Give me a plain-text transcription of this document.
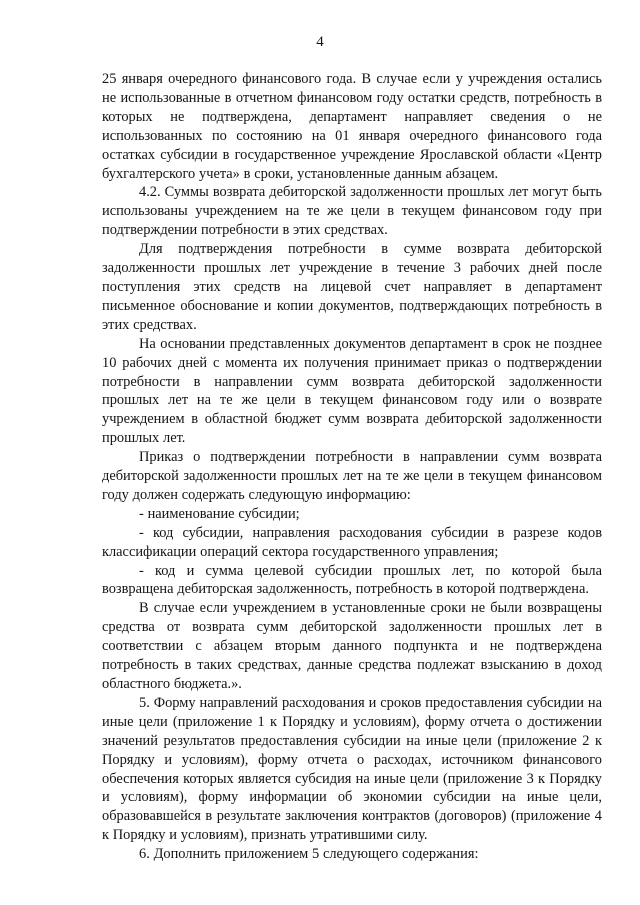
4

25 января очередного финансового года. В случае если у учреждения остались не использованные в отчетном финансовом году остатки средств, потребность в которых не подтверждена, департамент направляет сведения о не использованных по состоянию на 01 января очередного финансового года остатках субсидии в государственное учреждение Ярославской области «Центр бухгалтерского учета» в сроки, установленные данным абзацем.

4.2. Суммы возврата дебиторской задолженности прошлых лет могут быть использованы учреждением на те же цели в текущем финансовом году при подтверждении потребности в этих средствах.

Для подтверждения потребности в сумме возврата дебиторской задолженности прошлых лет учреждение в течение 3 рабочих дней после поступления этих средств на лицевой счет направляет в департамент письменное обоснование и копии документов, подтверждающих потребность в этих средствах.

На основании представленных документов департамент в срок не позднее 10 рабочих дней с момента их получения принимает приказ о подтверждении потребности в направлении сумм возврата дебиторской задолженности прошлых лет на те же цели в текущем финансовом году или о возврате учреждением в областной бюджет сумм возврата дебиторской задолженности прошлых лет.

Приказ о подтверждении потребности в направлении сумм возврата дебиторской задолженности прошлых лет на те же цели в текущем финансовом году должен содержать следующую информацию:

- наименование субсидии;

- код субсидии, направления расходования субсидии в разрезе кодов классификации операций сектора государственного управления;

- код и сумма целевой субсидии прошлых лет, по которой была возвращена дебиторская задолженность, потребность в которой подтверждена.

В случае если учреждением в установленные сроки не были возвращены средства от возврата сумм дебиторской задолженности прошлых лет в соответствии с абзацем вторым данного подпункта и не подтверждена потребность в таких средствах, данные средства подлежат взысканию в доход областного бюджета.».

5. Форму направлений расходования и сроков предоставления субсидии на иные цели (приложение 1 к Порядку и условиям), форму отчета о достижении значений результатов предоставления субсидии на иные цели (приложение 2 к Порядку и условиям), форму отчета о расходах, источником финансового обеспечения которых является субсидия на иные цели (приложение 3 к Порядку и условиям), форму информации об экономии субсидии на иные цели, образовавшейся в результате заключения контрактов (договоров) (приложение 4 к Порядку и условиям), признать утратившими силу.

6. Дополнить приложением 5 следующего содержания:
